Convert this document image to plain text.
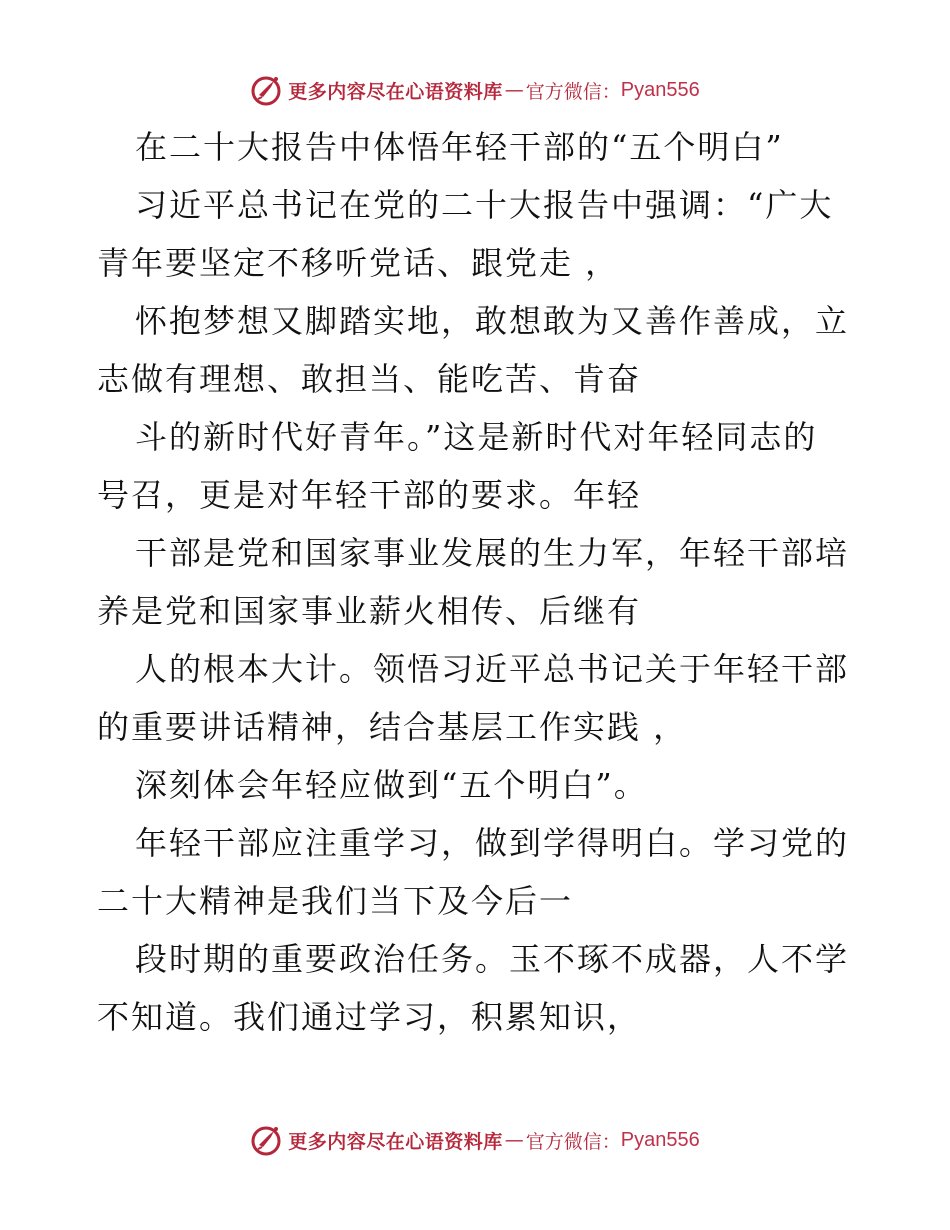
更多内容尽在心语资料库 — 官方微信： Pyan556
在二十大报告中体悟年轻干部的“五个明白”
习近平总书记在党的二十大报告中强调：“广大
青年要坚定不移听党话、跟党走 ，
怀抱梦想又脚踏实地，敢想敢为又善作善成，立
志做有理想、敢担当、能吃苦、肯奋
斗的新时代好青年。”这是新时代对年轻同志的
号召，更是对年轻干部的要求。年轻
干部是党和国家事业发展的生力军，年轻干部培
养是党和国家事业薪火相传、后继有
人的根本大计。领悟习近平总书记关于年轻干部
的重要讲话精神，结合基层工作实践 ，
深刻体会年轻应做到“五个明白”。
年轻干部应注重学习，做到学得明白。学习党的
二十大精神是我们当下及今后一
段时期的重要政治任务。玉不琢不成器，人不学
不知道。我们通过学习，积累知识，
更多内容尽在心语资料库 — 官方微信： Pyan556
